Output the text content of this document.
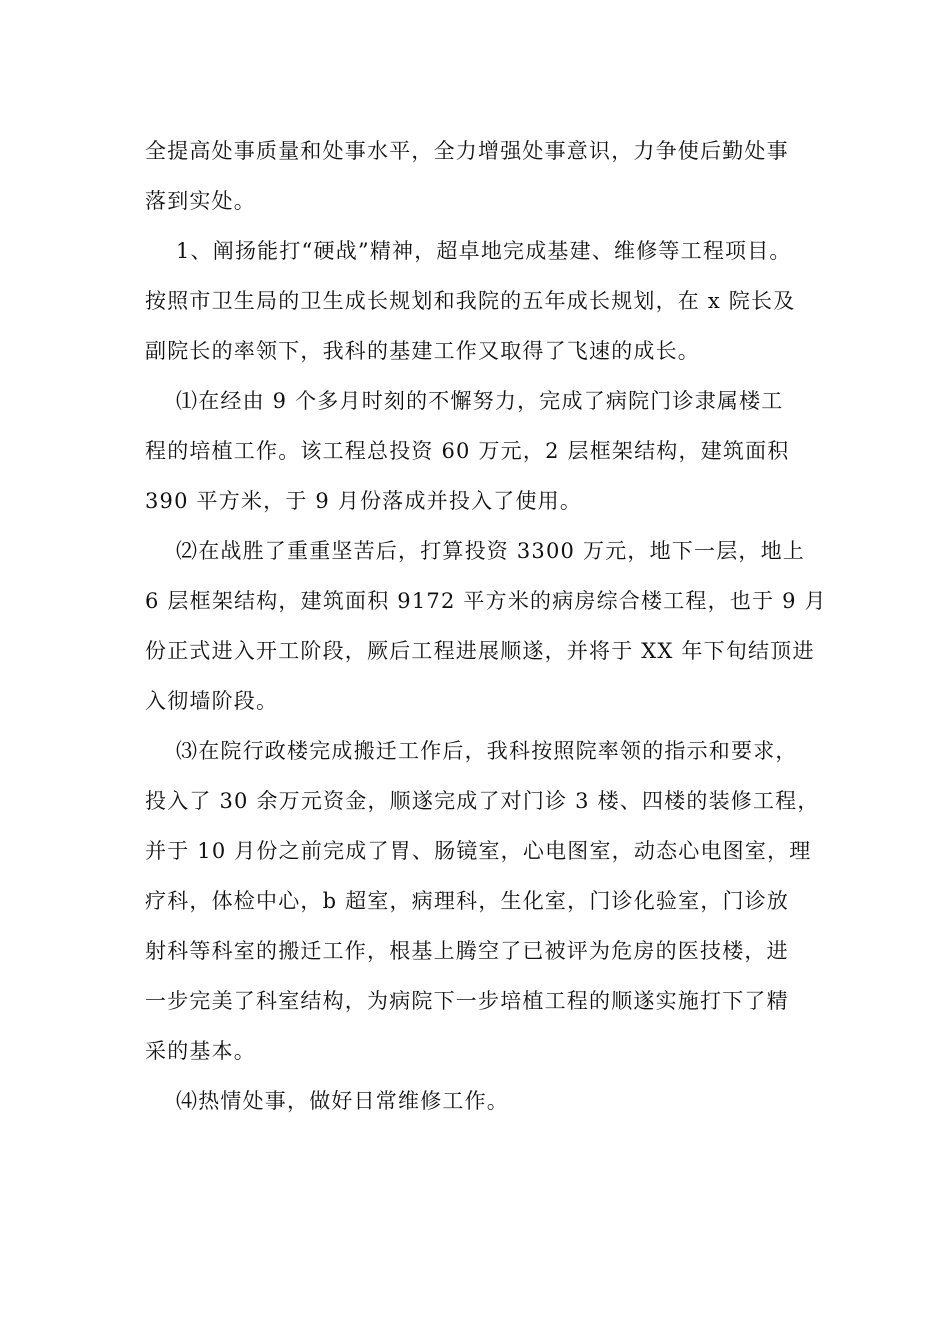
全提高处事质量和处事水平，全力增强处事意识，力争使后勤处事
落到实处。
1、阐扬能打“硬战”精神，超卓地完成基建、维修等工程项目。
按照市卫生局的卫生成长规划和我院的五年成长规划，在 x 院长及
副院长的率领下，我科的基建工作又取得了飞速的成长。
⑴在经由 9 个多月时刻的不懈努力，完成了病院门诊隶属楼工
程的培植工作。该工程总投资 60 万元，2 层框架结构，建筑面积
390 平方米，于 9 月份落成并投入了使用。
⑵在战胜了重重坚苦后，打算投资 3300 万元，地下一层，地上
6 层框架结构，建筑面积 9172 平方米的病房综合楼工程，也于 9 月
份正式进入开工阶段，厥后工程进展顺遂，并将于 XX 年下旬结顶进
入彻墙阶段。
⑶在院行政楼完成搬迁工作后，我科按照院率领的指示和要求，
投入了 30 余万元资金，顺遂完成了对门诊 3 楼、四楼的装修工程，
并于 10 月份之前完成了胃、肠镜室，心电图室，动态心电图室，理
疗科，体检中心，b 超室，病理科，生化室，门诊化验室，门诊放
射科等科室的搬迁工作，根基上腾空了已被评为危房的医技楼，进
一步完美了科室结构，为病院下一步培植工程的顺遂实施打下了精
采的基本。
⑷热情处事，做好日常维修工作。
